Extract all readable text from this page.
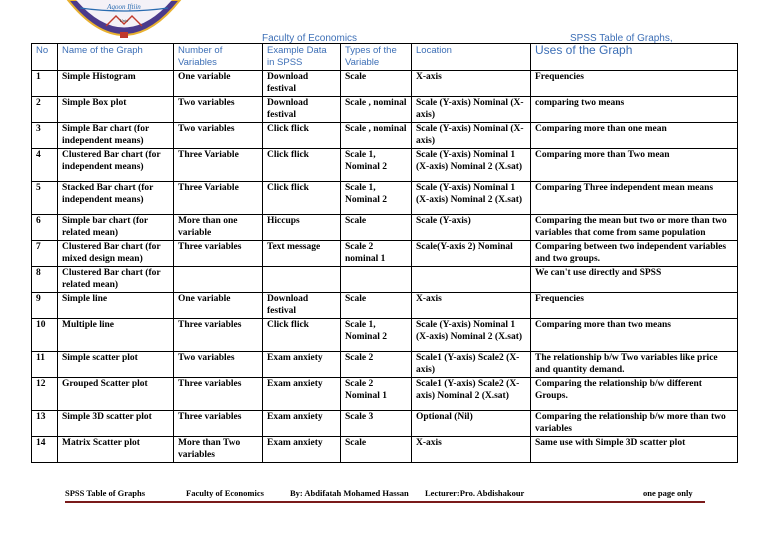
Aqoon Iftiin
Univ
Faculty of Economics	SPSS Table of Graphs,
No	Name of the Graph	Number of Variables	Example Data in SPSS	Types of the Variable	Location	Uses of the Graph
1	Simple Histogram	One variable	Download festival	Scale	X-axis	Frequencies
2	Simple Box plot	Two variables	Download festival	Scale , nominal	Scale (Y-axis) Nominal (X-axis)	comparing two means
3	Simple Bar chart (for independent means)	Two variables	Click flick	Scale , nominal	Scale (Y-axis) Nominal (X-axis)	Comparing more than one mean
4	Clustered Bar chart (for independent means)	Three Variable	Click flick	Scale 1, Nominal 2	Scale (Y-axis) Nominal 1 (X-axis) Nominal 2 (X.sat)	Comparing more than Two mean
5	Stacked Bar chart (for independent means)	Three Variable	Click flick	Scale 1, Nominal 2	Scale (Y-axis) Nominal 1 (X-axis) Nominal 2 (X.sat)	Comparing Three independent mean means
6	Simple bar chart (for related mean)	More than one variable	Hiccups	Scale	Scale (Y-axis)	Comparing the mean but two or more than two variables that come from same population
7	Clustered Bar chart (for mixed design mean)	Three variables	Text message	Scale 2 nominal 1	Scale(Y-axis 2) Nominal	Comparing between two independent variables and two groups.
8	Clustered Bar chart (for related mean)					We can't use directly and SPSS
9	Simple line	One variable	Download festival	Scale	X-axis	Frequencies
10	Multiple line	Three variables	Click flick	Scale 1, Nominal 2	Scale (Y-axis) Nominal 1 (X-axis) Nominal 2 (X.sat)	Comparing more than two means
11	Simple scatter plot	Two variables	Exam anxiety	Scale 2	Scale1 (Y-axis) Scale2 (X-axis)	The relationship b/w Two variables like price and quantity demand.
12	Grouped Scatter plot	Three variables	Exam anxiety	Scale 2 Nominal 1	Scale1 (Y-axis) Scale2 (X-axis) Nominal 2 (X.sat)	Comparing the relationship b/w different Groups.
13	Simple 3D scatter plot	Three variables	Exam anxiety	Scale 3	Optional (Nil)	Comparing the relationship b/w more than two variables
14	Matrix Scatter plot	More than Two variables	Exam anxiety	Scale	X-axis	Same use with Simple 3D scatter plot
SPSS Table of Graphs	Faculty of Economics	By: Abdifatah Mohamed Hassan Lecturer:Pro. Abdishakour	one page only
